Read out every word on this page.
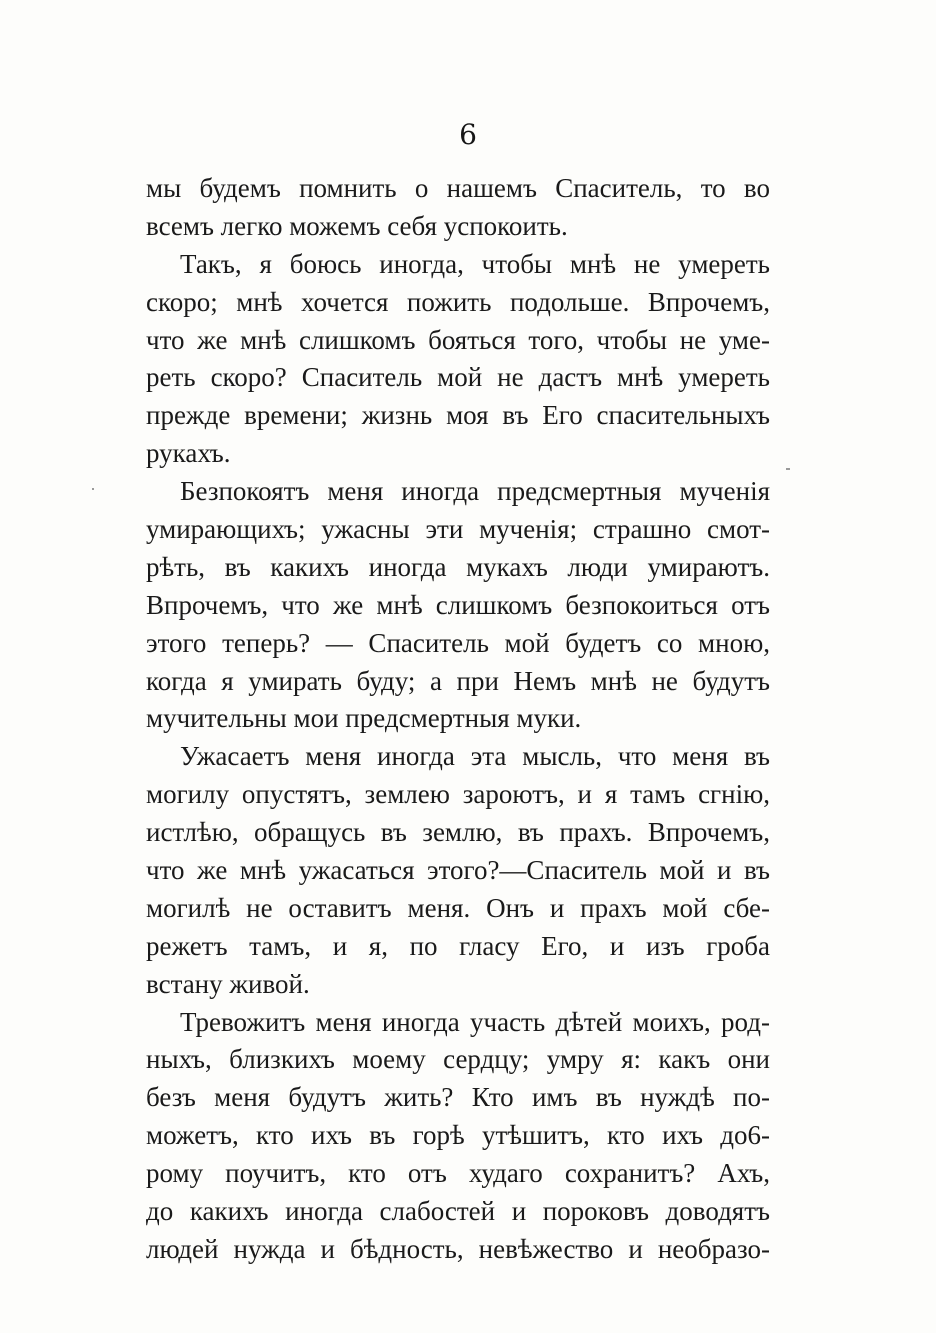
6
мы будемъ помнить о нашемъ Спаситель, то во
всемъ легко можемъ себя успокоить.
Такъ, я боюсь иногда, чтобы мнѣ не умереть
скоро; мнѣ хочется пожить подольше. Впрочемъ,
что же мнѣ слишкомъ бояться того, чтобы не уме-
реть скоро? Спаситель мой не дастъ мнѣ умереть
прежде времени; жизнь моя въ Его спасительныхъ
рукахъ.
Безпокоятъ меня иногда предсмертныя мученія
умирающихъ; ужасны эти мученія; страшно смот-
рѣть, въ какихъ иногда мукахъ люди умираютъ.
Впрочемъ, что же мнѣ слишкомъ безпокоиться отъ
этого теперь? — Спаситель мой будетъ со мною,
когда я умирать буду; а при Немъ мнѣ не будутъ
мучительны мои предсмертныя муки.
Ужасаетъ меня иногда эта мысль, что меня въ
могилу опустятъ, землею зароютъ, и я тамъ сгнію,
истлѣю, обращусь въ землю, въ прахъ. Впрочемъ,
что же мнѣ ужасаться этого?—Спаситель мой и въ
могилѣ не оставитъ меня. Онъ и прахъ мой сбе-
режетъ тамъ, и я, по гласу Его, и изъ гроба
встану живой.
Тревожитъ меня иногда участь дѣтей моихъ, род-
ныхъ, близкихъ моему сердцу; умру я: какъ они
безъ меня будутъ жить? Кто имъ въ нуждѣ по-
можетъ, кто ихъ въ горѣ утѣшитъ, кто ихъ до6-
рому поучитъ, кто отъ худаго сохранитъ? Ахъ,
до какихъ иногда слабостей и пороковъ доводятъ
людей нужда и бѣдность, невѣжество и необразо-
